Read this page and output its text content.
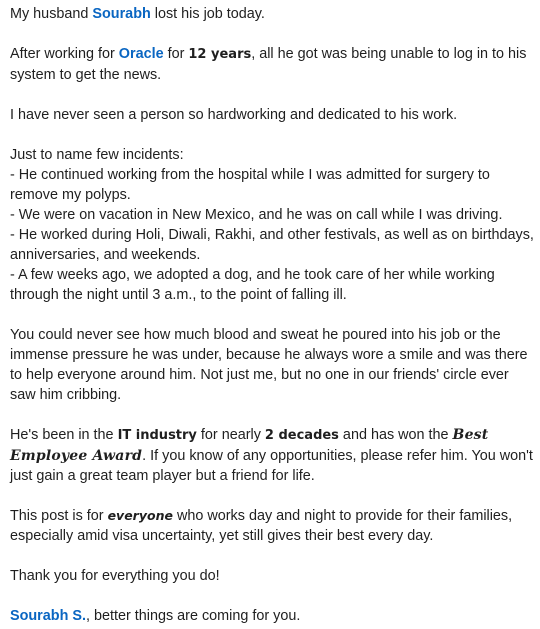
My husband Sourabh lost his job today.

After working for Oracle for 12 years, all he got was being unable to log in to his system to get the news.

I have never seen a person so hardworking and dedicated to his work.

Just to name few incidents:
- He continued working from the hospital while I was admitted for surgery to remove my polyps.
- We were on vacation in New Mexico, and he was on call while I was driving.
- He worked during Holi, Diwali, Rakhi, and other festivals, as well as on birthdays, anniversaries, and weekends.
- A few weeks ago, we adopted a dog, and he took care of her while working through the night until 3 a.m., to the point of falling ill.

You could never see how much blood and sweat he poured into his job or the immense pressure he was under, because he always wore a smile and was there to help everyone around him. Not just me, but no one in our friends' circle ever saw him cribbing.

He's been in the IT industry for nearly 2 decades and has won the Best Employee Award. If you know of any opportunities, please refer him. You won't just gain a great team player but a friend for life.

This post is for everyone who works day and night to provide for their families, especially amid visa uncertainty, yet still gives their best every day.

Thank you for everything you do!

Sourabh S., better things are coming for you.
